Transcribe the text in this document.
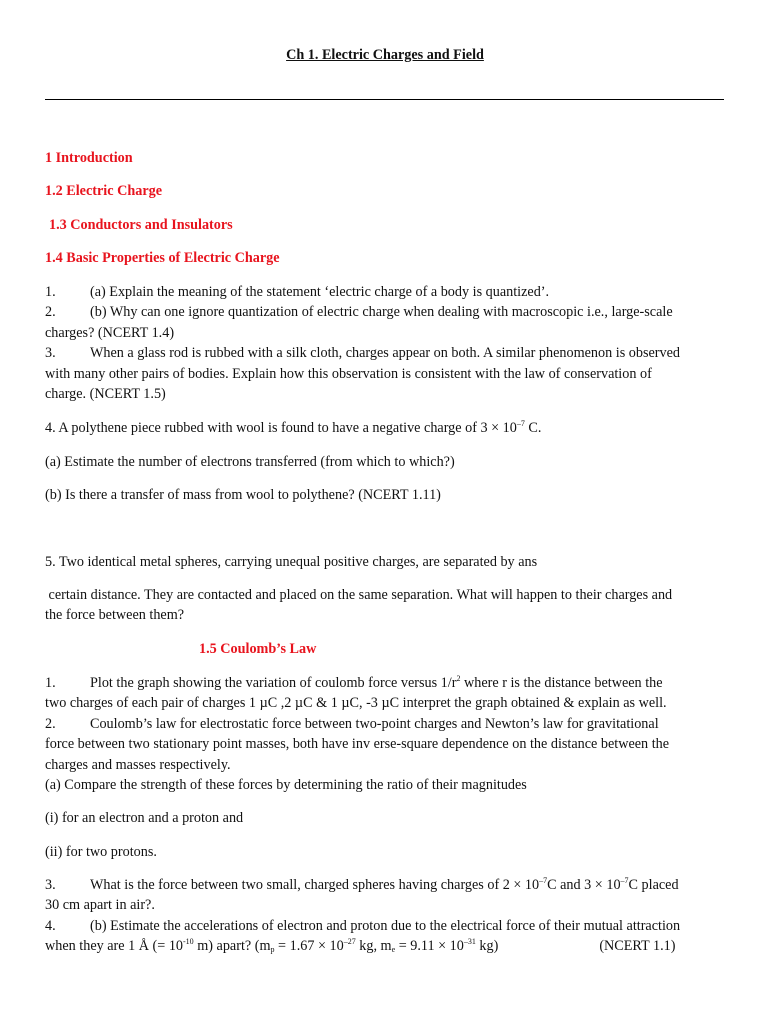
Ch 1. Electric Charges and Field
1 Introduction
1.2 Electric Charge
1.3 Conductors and Insulators
1.4 Basic Properties of Electric Charge
1. (a) Explain the meaning of the statement ‘electric charge of a body is quantized’.
2. (b) Why can one ignore quantization of electric charge when dealing with macroscopic i.e., large-scale
charges? (NCERT 1.4)
3. When a glass rod is rubbed with a silk cloth, charges appear on both. A similar phenomenon is observed
with many other pairs of bodies. Explain how this observation is consistent with the law of conservation of
charge. (NCERT 1.5)
4. A polythene piece rubbed with wool is found to have a negative charge of $3 \times 10^{-7}$ C.
(a) Estimate the number of electrons transferred (from which to which?)
(b) Is there a transfer of mass from wool to polythene? (NCERT 1.11)
5. Two identical metal spheres, carrying unequal positive charges, are separated by ans
certain distance. They are contacted and placed on the same separation. What will happen to their charges and
the force between them?
1.5 Coulomb’s Law
1. Plot the graph showing the variation of coulomb force versus $1/r^2$ where r is the distance between the
two charges of each pair of charges 1 µC ,2 µC & 1 µC, -3 µC interpret the graph obtained & explain as well.
2. Coulomb’s law for electrostatic force between two-point charges and Newton’s law for gravitational
force between two stationary point masses, both have inv erse-square dependence on the distance between the
charges and masses respectively.
(a) Compare the strength of these forces by determining the ratio of their magnitudes
(i) for an electron and a proton and
(ii) for two protons.
3. What is the force between two small, charged spheres having charges of $2 \times 10^{-7}C$ and $3 \times 10^{-7}C$ placed
30 cm apart in air?.
4. (b) Estimate the accelerations of electron and proton due to the electrical force of their mutual attraction
when they are 1 Å (= $10^{-10}$ m) apart? ($m_p = 1.67 \times 10^{-27}$ kg, $m_e = 9.11 \times 10^{-31}$ kg)	(NCERT 1.1)
